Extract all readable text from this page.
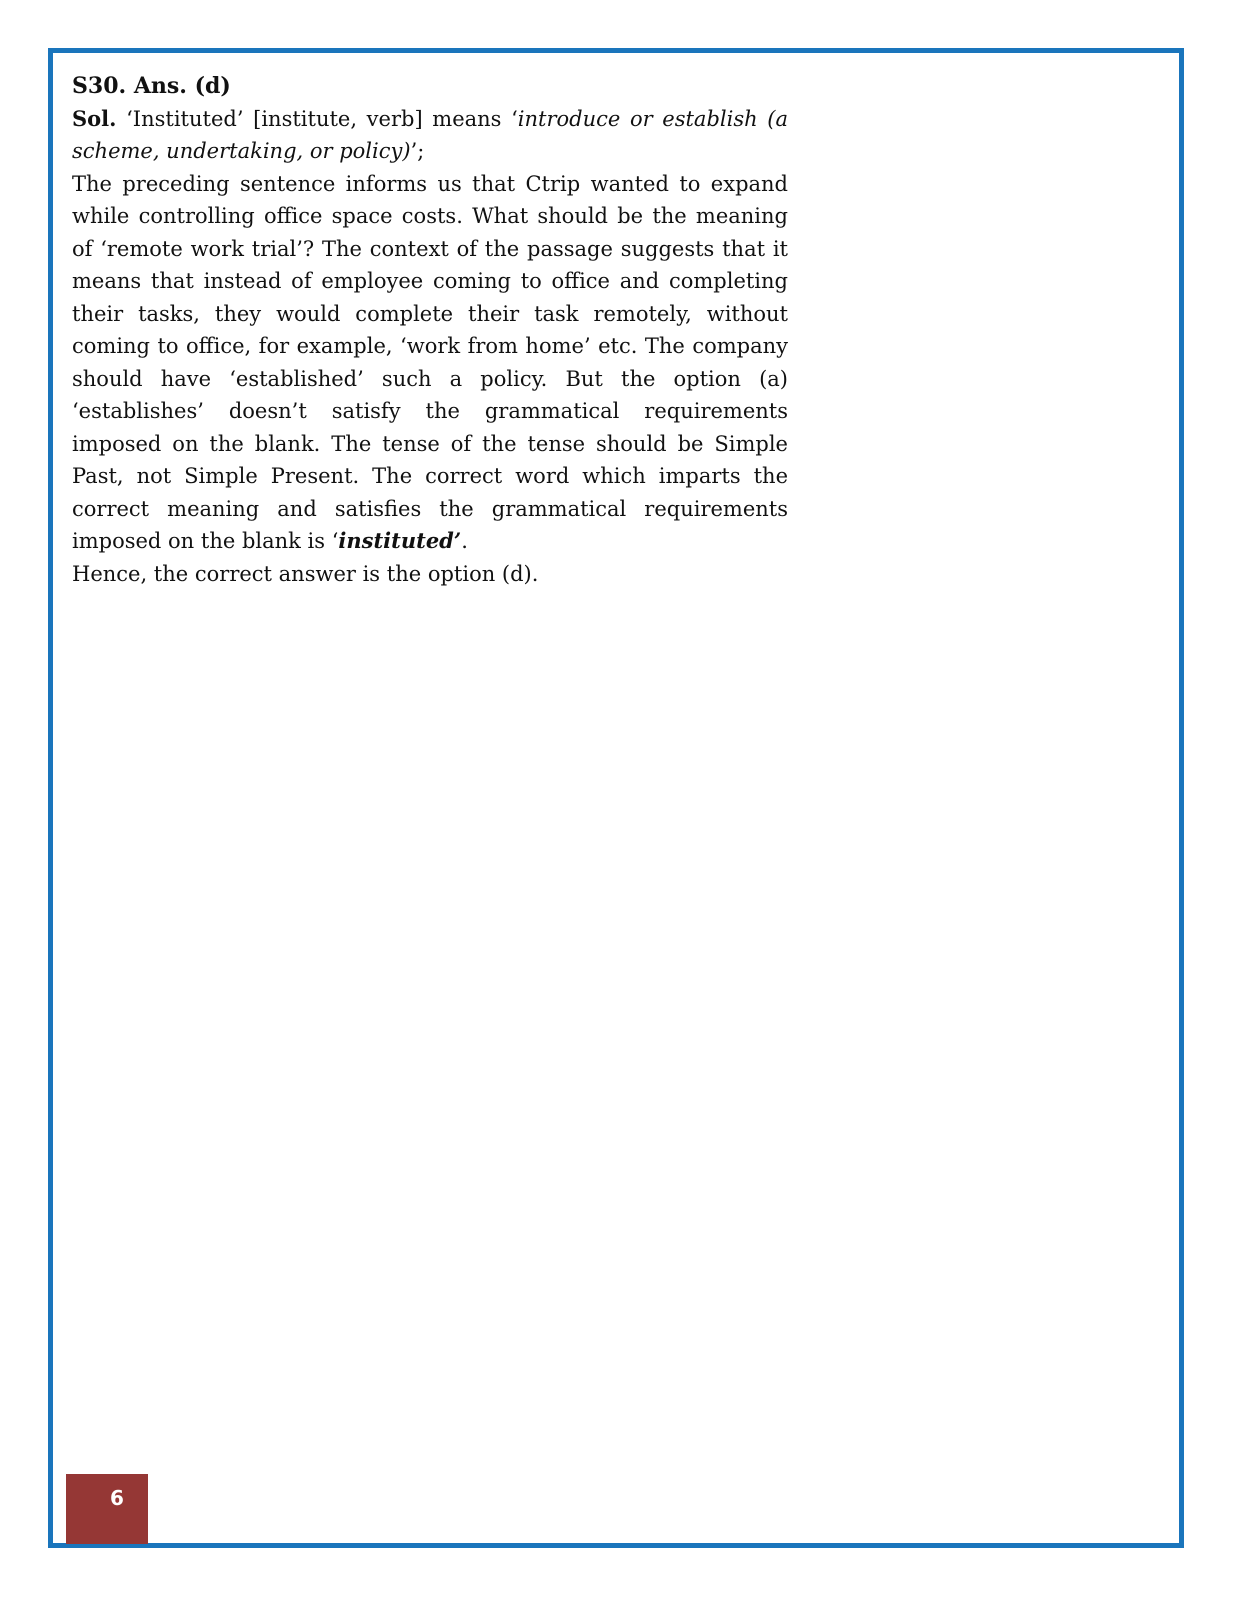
S30. Ans. (d)

Sol. ‘Instituted’ [institute, verb] means ‘introduce or establish (a scheme, undertaking, or policy)’;

The preceding sentence informs us that Ctrip wanted to expand while controlling office space costs. What should be the meaning of ‘remote work trial’? The context of the passage suggests that it means that instead of employee coming to office and completing their tasks, they would complete their task remotely, without coming to office, for example, ‘work from home’ etc. The company should have ‘established’ such a policy. But the option (a) ‘establishes’ doesn’t satisfy the grammatical requirements imposed on the blank. The tense of the tense should be Simple Past, not Simple Present. The correct word which imparts the correct meaning and satisfies the grammatical requirements imposed on the blank is ‘instituted’.

Hence, the correct answer is the option (d).

6
